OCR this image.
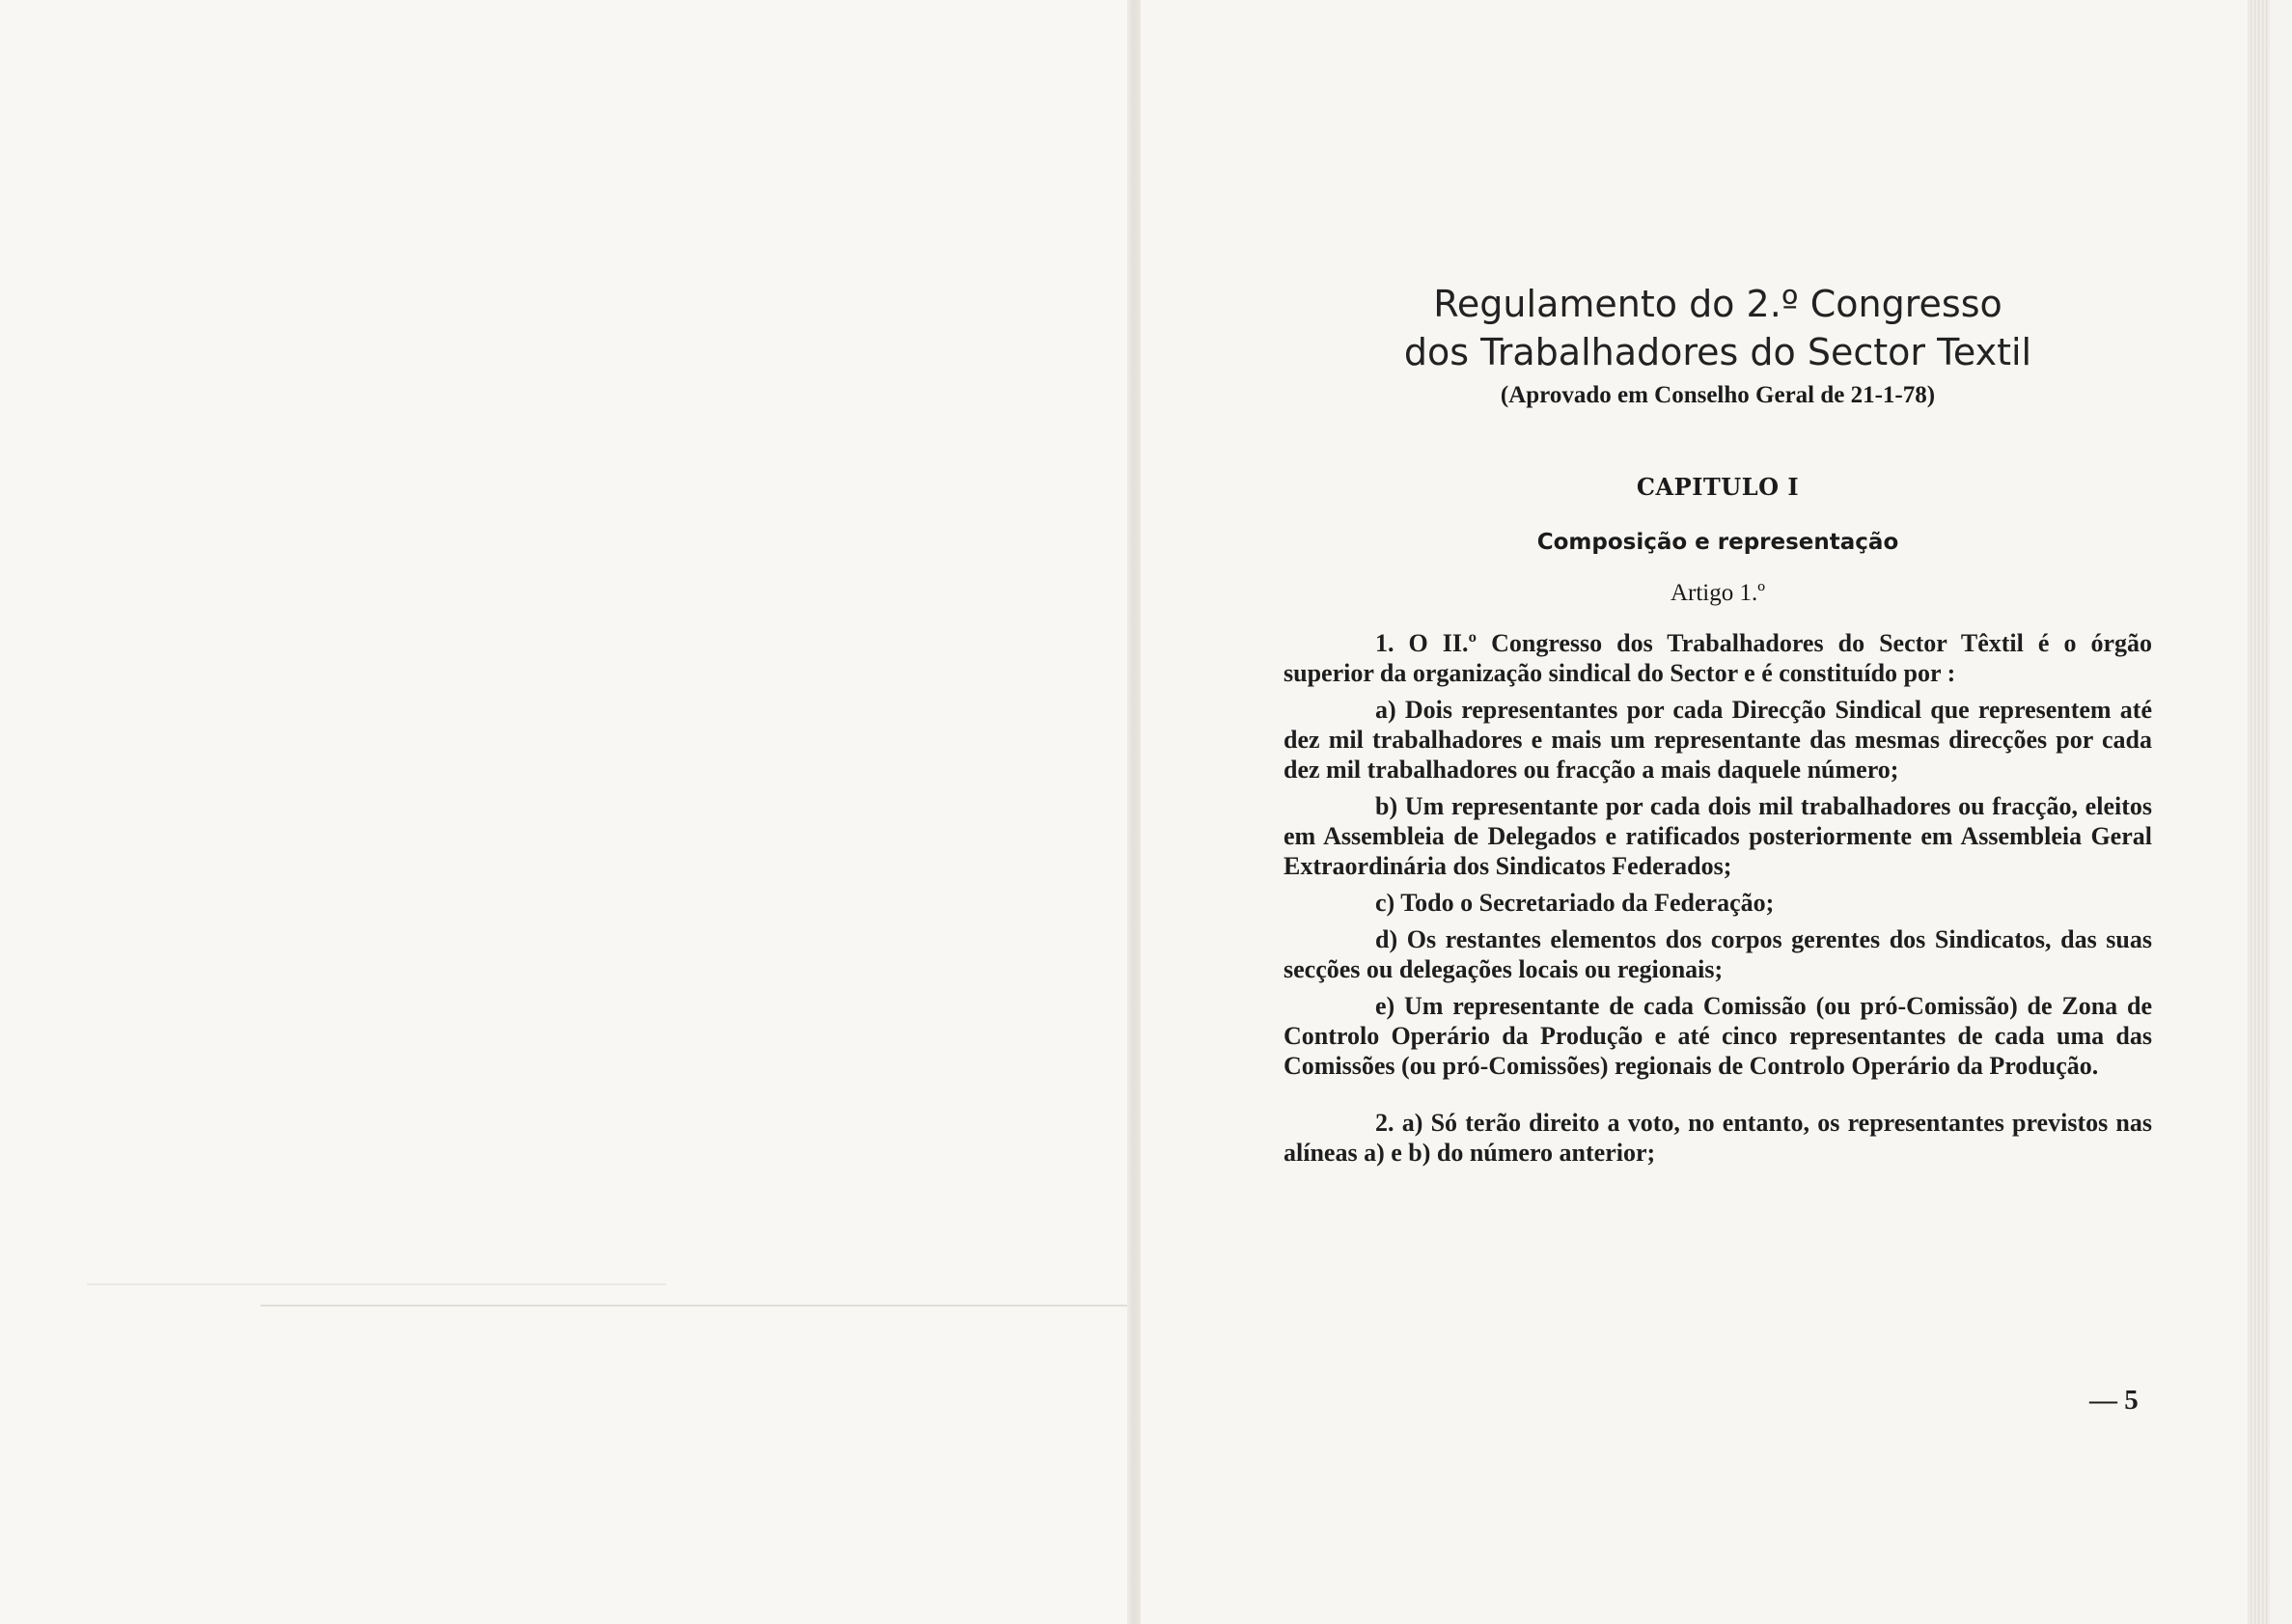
Regulamento do 2.º Congresso
dos Trabalhadores do Sector Textil
(Aprovado em Conselho Geral de 21-1-78)
CAPITULO I
Composição e representação
Artigo 1.º

1. O II.º Congresso dos Trabalhadores do Sector Têxtil é o órgão superior da organização sindical do Sector e é constituído por :

a) Dois representantes por cada Direcção Sindical que representem até dez mil trabalhadores e mais um representante das mesmas direcções por cada dez mil trabalhadores ou fracção a mais daquele número;

b) Um representante por cada dois mil trabalhadores ou fracção, eleitos em Assembleia de Delegados e ratificados posteriormente em Assembleia Geral Extraordinária dos Sindicatos Federados;

c) Todo o Secretariado da Federação;

d) Os restantes elementos dos corpos gerentes dos Sindicatos, das suas secções ou delegações locais ou regionais;

e) Um representante de cada Comissão (ou pró-Comissão) de Zona de Controlo Operário da Produção e até cinco representantes de cada uma das Comissões (ou pró-Comissões) regionais de Controlo Operário da Produção.

2. a) Só terão direito a voto, no entanto, os representantes previstos nas alíneas a) e b) do número anterior;

— 5
